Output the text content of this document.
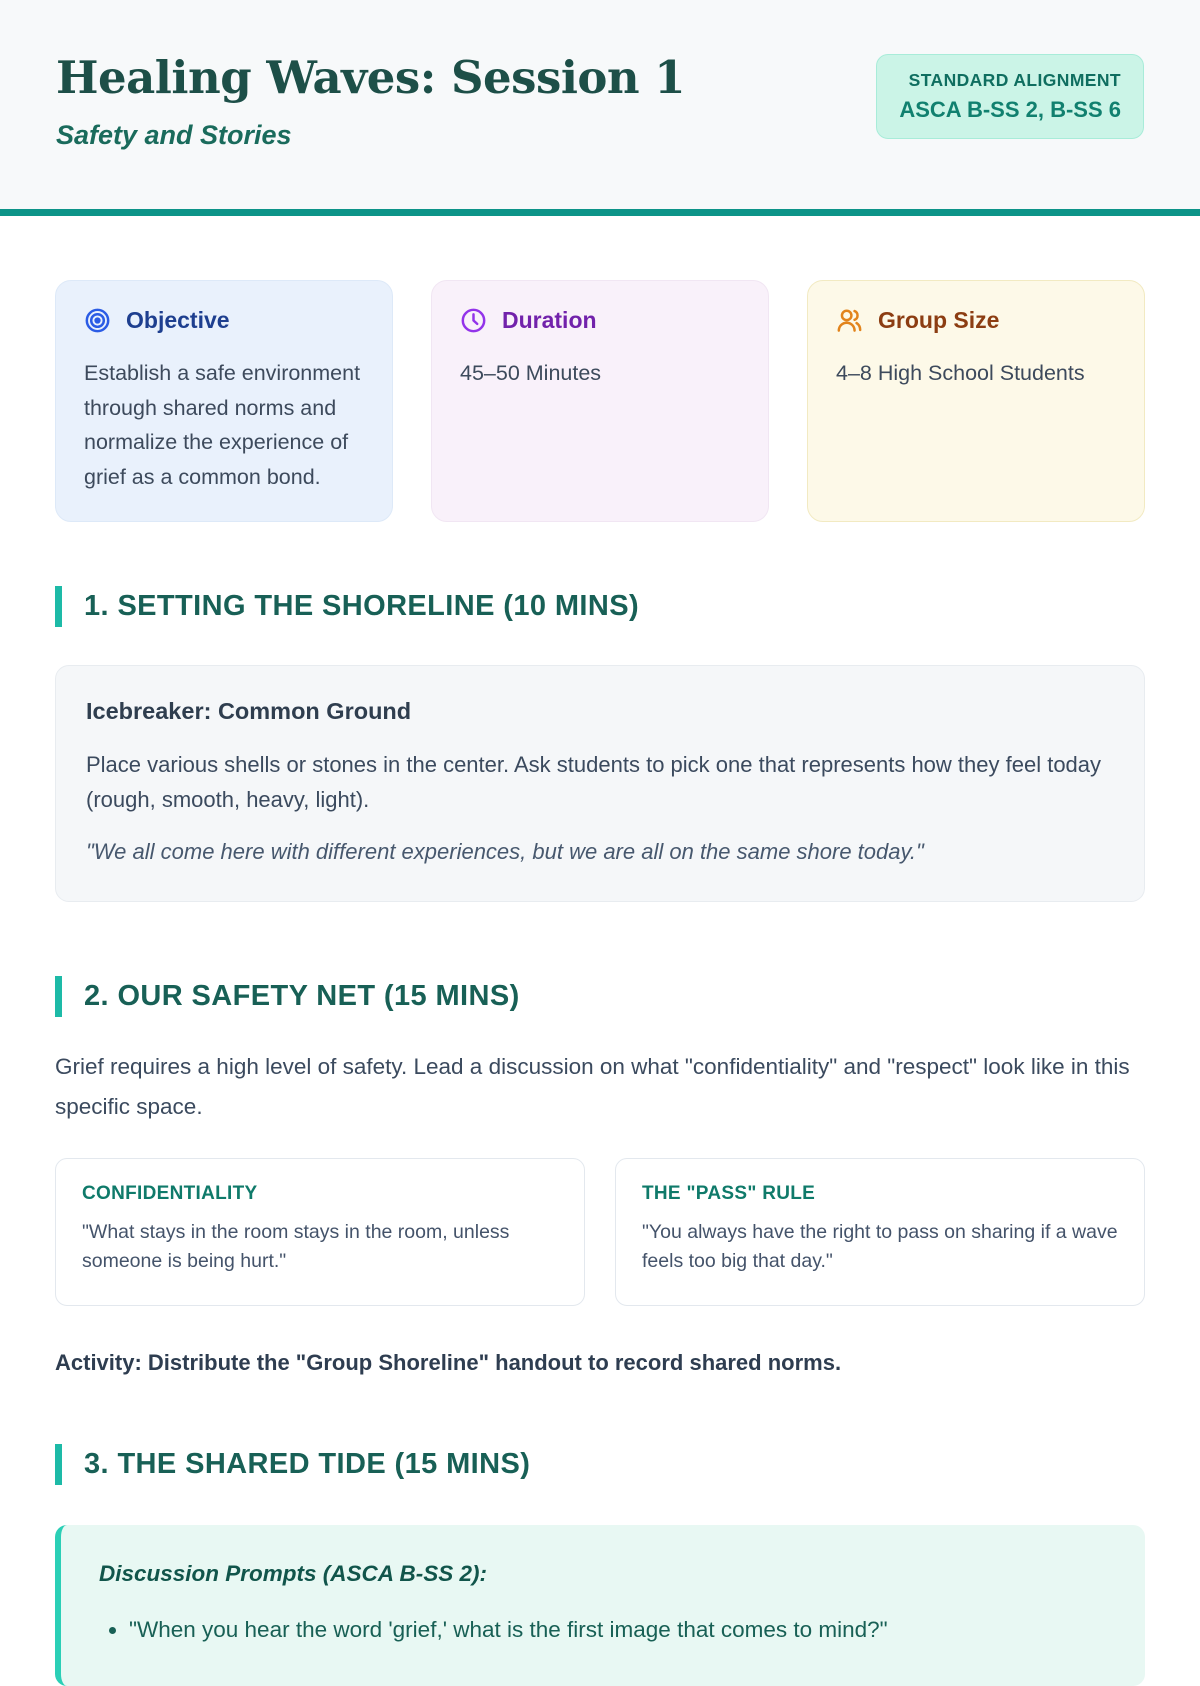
Healing Waves: Session 1
Safety and Stories
STANDARD ALIGNMENT
ASCA B-SS 2, B-SS 6
Objective
Establish a safe environment through shared norms and normalize the experience of grief as a common bond.
Duration
45–50 Minutes
Group Size
4–8 High School Students
1. SETTING THE SHORELINE (10 MINS)
Icebreaker: Common Ground
Place various shells or stones in the center. Ask students to pick one that represents how they feel today (rough, smooth, heavy, light).
"We all come here with different experiences, but we are all on the same shore today."
2. OUR SAFETY NET (15 MINS)
Grief requires a high level of safety. Lead a discussion on what "confidentiality" and "respect" look like in this specific space.
CONFIDENTIALITY
"What stays in the room stays in the room, unless someone is being hurt."
THE "PASS" RULE
"You always have the right to pass on sharing if a wave feels too big that day."
Activity: Distribute the "Group Shoreline" handout to record shared norms.
3. THE SHARED TIDE (15 MINS)
Discussion Prompts (ASCA B-SS 2):
• "When you hear the word 'grief,' what is the first image that comes to mind?"
